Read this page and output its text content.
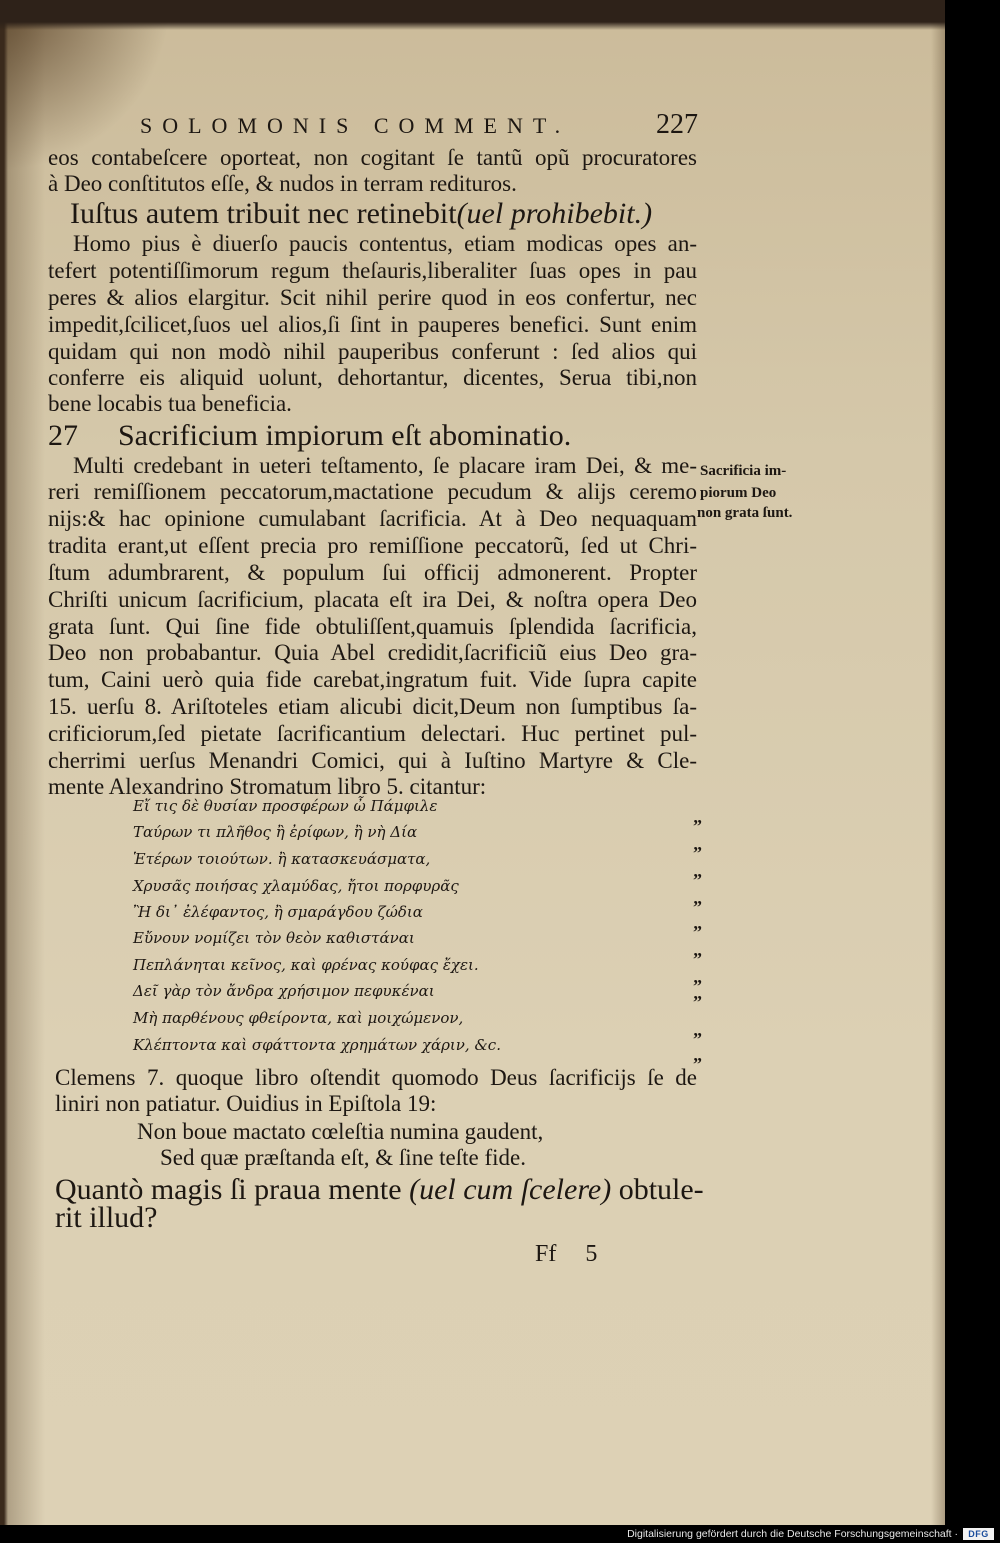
SOLOMONIS COMMENT.	227
eos contabeſcere oporteat, non cogitant ſe tantũ opũ procuratores
à Deo conſtitutos eſſe, & nudos in terram redituros.
Iuſtus autem tribuit nec retinebit(uel prohibebit.)
Homo pius è diuerſo paucis contentus, etiam modicas opes an-
tefert potentiſſimorum regum theſauris,liberaliter ſuas opes in pau
peres & alios elargitur. Scit nihil perire quod in eos confertur, nec
impedit,ſcilicet,ſuos uel alios,ſi ſint in pauperes benefici. Sunt enim
quidam qui non modò nihil pauperibus conferunt : ſed alios qui
conferre eis aliquid uolunt, dehortantur, dicentes, Serua tibi,non
bene locabis tua beneficia.
27 Sacrificium impiorum eſt abominatio.
Multi credebant in ueteri teſtamento, ſe placare iram Dei, & me-
reri remiſſionem peccatorum,mactatione pecudum & alijs ceremo
nijs:& hac opinione cumulabant ſacrificia. At à Deo nequaquam
tradita erant,ut eſſent precia pro remiſſione peccatorũ, ſed ut Chri-
ſtum adumbrarent, & populum ſui officij admonerent. Propter
Chriſti unicum ſacrificium, placata eſt ira Dei, & noſtra opera Deo
grata ſunt. Qui ſine fide obtuliſſent,quamuis ſplendida ſacrificia,
Deo non probabantur. Quia Abel credidit,ſacrificiũ eius Deo gra-
tum, Caini uerò quia fide carebat,ingratum fuit. Vide ſupra capite
15. uerſu 8. Ariſtoteles etiam alicubi dicit,Deum non ſumptibus ſa-
crificiorum,ſed pietate ſacrificantium delectari. Huc pertinet pul-
cherrimi uerſus Menandri Comici, qui à Iuſtino Martyre & Cle-
mente Alexandrino Stromatum libro 5. citantur:
Sacrificia im-
piorum Deo
non grata ſunt.
Εἴ τις δὲ θυσίαν προσφέρων ὦ Πάμφιλε
Ταύρων τι πλῆθος ἢ ἐρίφων, ἢ νὴ Δία
Ἑτέρων τοιούτων. ἢ κατασκευάσματα,
Χρυσᾶς ποιήσας χλαμύδας, ἤτοι πορφυρᾶς
Ἢ δι᾽ ἐλέφαντος, ἢ σμαράγδου ζώδια
Εὔνουν νομίζει τὸν θεὸν καθιστάναι
Πεπλάνηται κεῖνος, καὶ φρένας κούφας ἔχει.
Δεῖ γὰρ τὸν ἄνδρα χρήσιμον πεφυκέναι
Μὴ παρθένους φθείροντα, καὶ μοιχώμενον,
Κλέπτοντα καὶ σφάττοντα χρημάτων χάριν, &c.
”
”
”
”
”
”
”
”
”
”
Clemens 7. quoque libro oſtendit quomodo Deus ſacrificijs ſe de
liniri non patiatur. Ouidius in Epiſtola 19:
Non boue mactato cœleſtia numina gaudent,
Sed quæ præſtanda eſt, & ſine teſte fide.
Quantò magis ſi praua mente (uel cum ſcelere) obtule-
rit illud?
Ff 5
Digitalisierung gefördert durch die Deutsche Forschungsgemeinschaft ·	DFG
